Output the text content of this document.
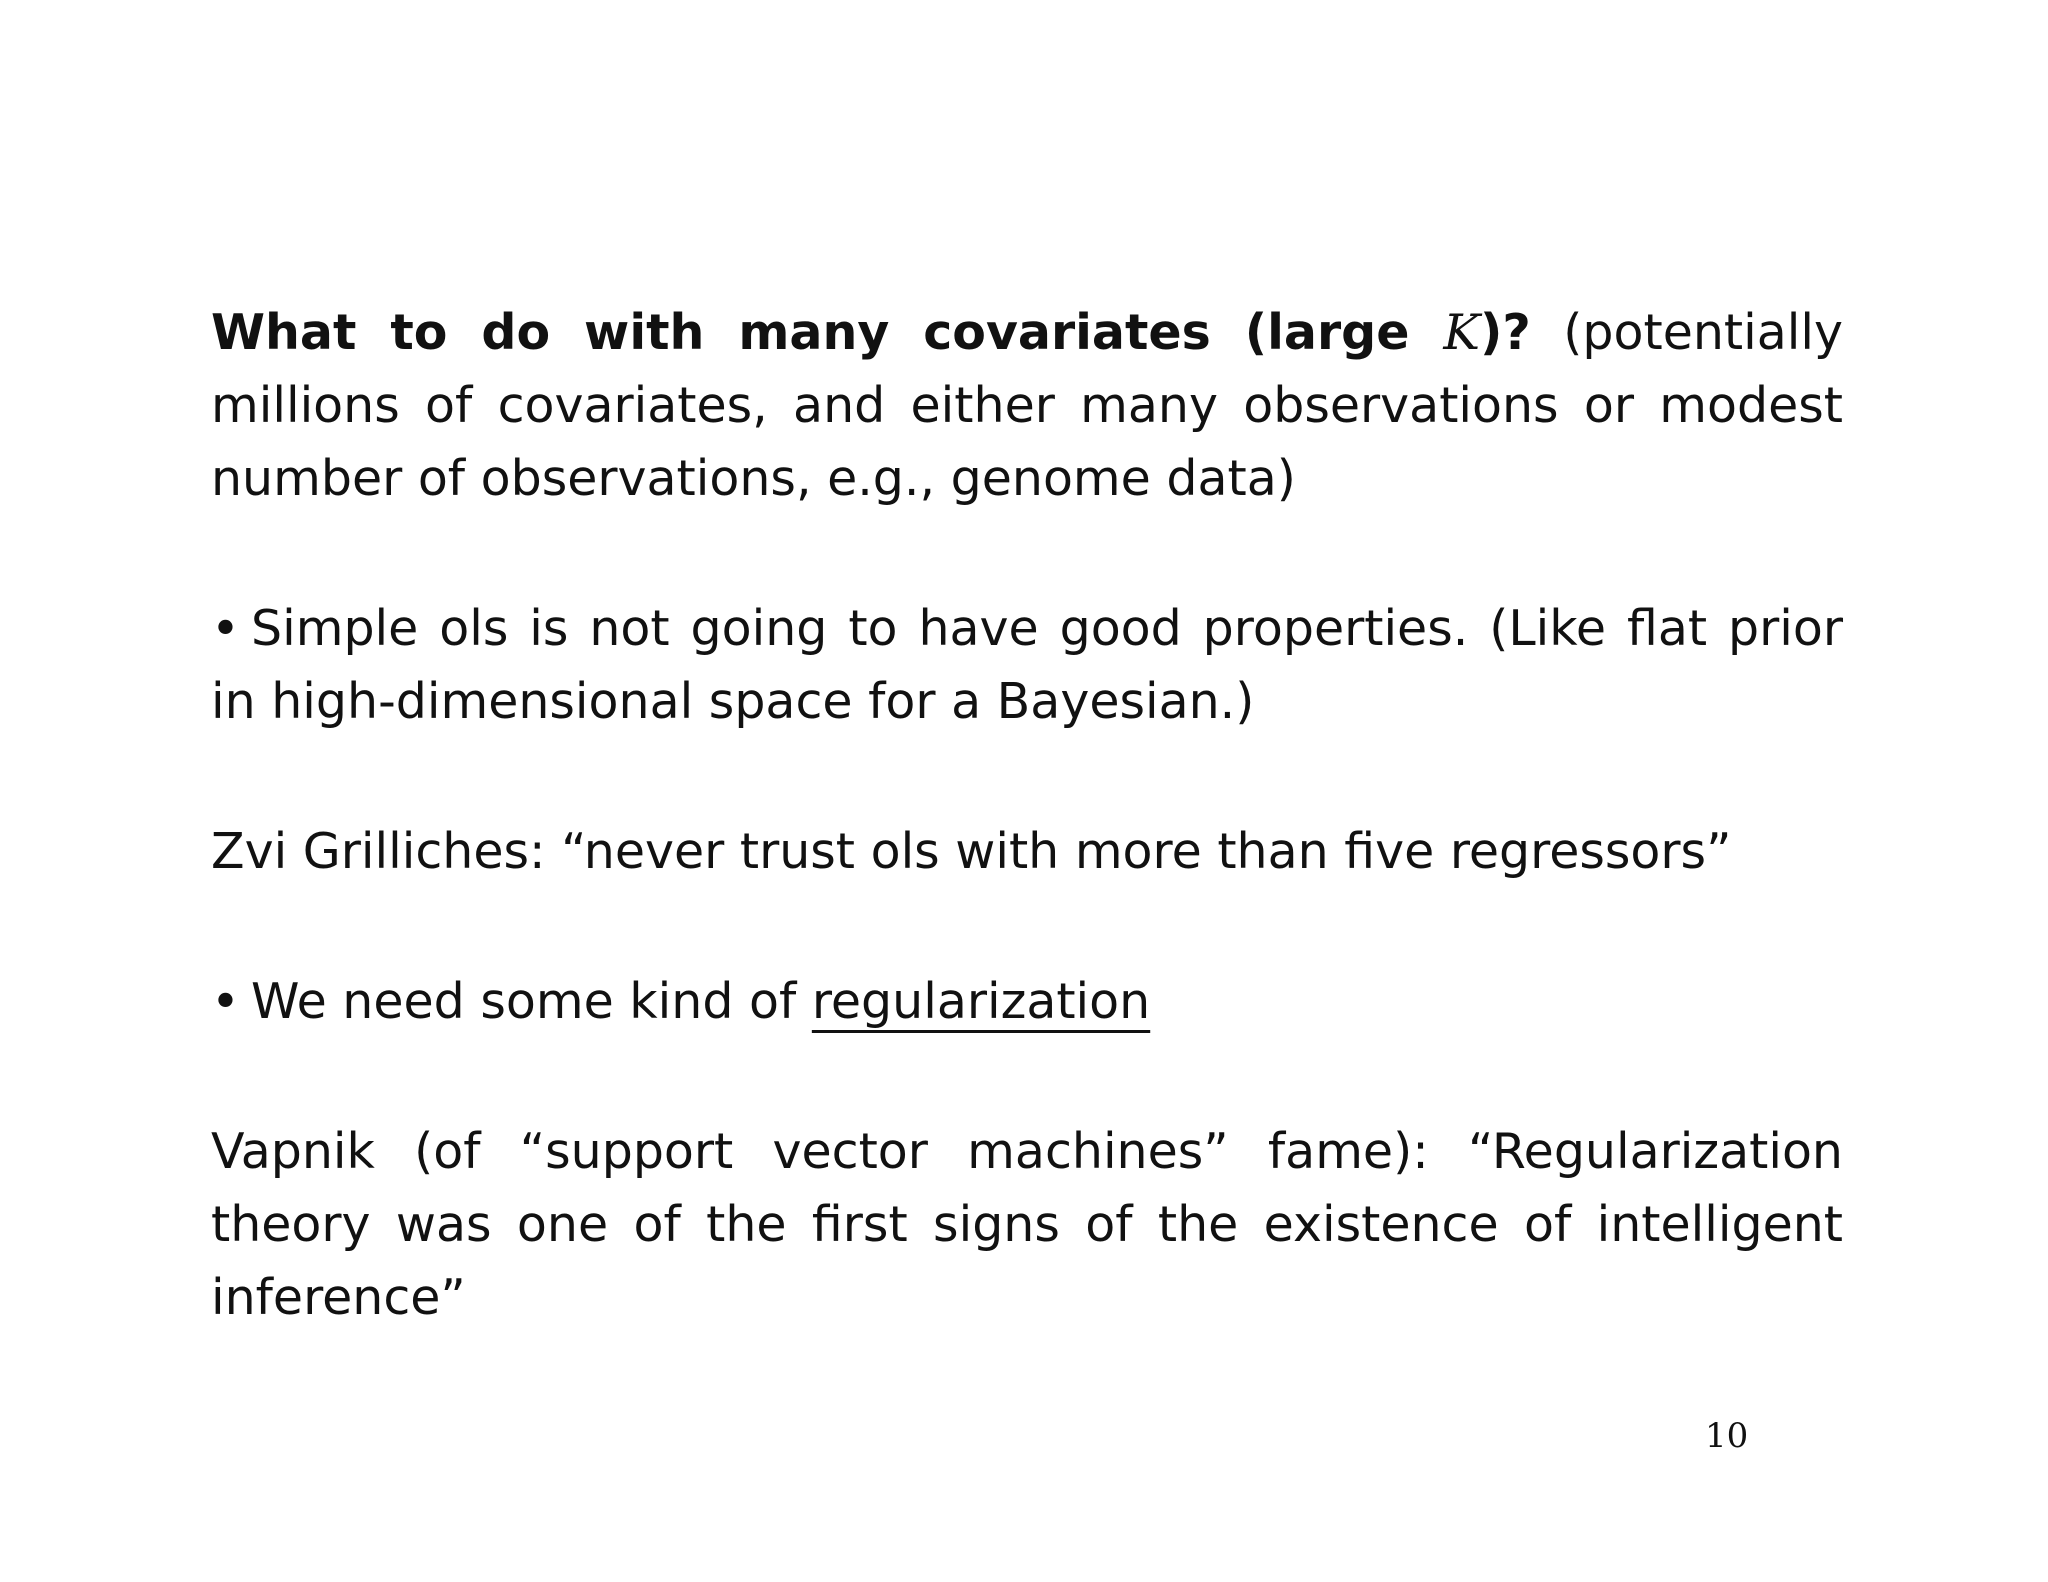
What to do with many covariates (large K)? (potentially millions of covariates, and either many observations or modest number of observations, e.g., genome data)

• Simple ols is not going to have good properties. (Like flat prior in high-dimensional space for a Bayesian.)

Zvi Grilliches: “never trust ols with more than five regressors”

• We need some kind of regularization

Vapnik (of “support vector machines” fame): “Regularization theory was one of the first signs of the existence of intelligent inference”

10
